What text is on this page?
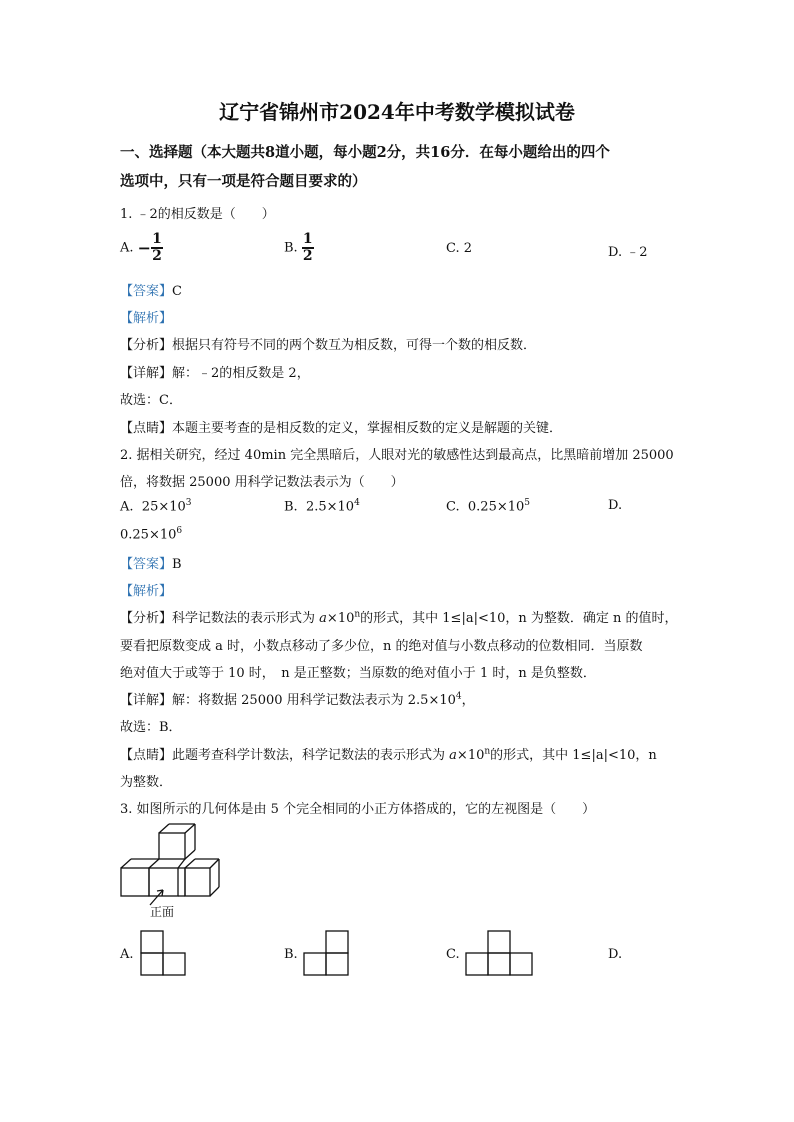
辽宁省锦州市2024年中考数学模拟试卷
一、选择题（本大题共8道小题，每小题2分，共16分．在每小题给出的四个
选项中，只有一项是符合题目要求的）
1. ﹣2的相反数是（　　）
A. − $\frac{1}{2}$	B. $\frac{1}{2}$	C. 2	D. ﹣2
【答案】C
【解析】
【分析】根据只有符号不同的两个数互为相反数，可得一个数的相反数．
【详解】解：﹣2的相反数是 2，
故选：C．
【点睛】本题主要考查的是相反数的定义，掌握相反数的定义是解题的关键．
2. 据相关研究，经过 40min 完全黑暗后，人眼对光的敏感性达到最高点，比黑暗前增加 25000
倍，将数据 25000 用科学记数法表示为（　　）
A. $25\times 10^3$	B. $2.5\times 10^4$	C. $0.25\times 10^5$	D.
$0.25\times 10^6$
【答案】B
【解析】
【分析】科学记数法的表示形式为 $a\times 10^n$的形式，其中 1≤|a|<10，n 为整数．确定 n 的值时，
要看把原数变成 a 时，小数点移动了多少位，n 的绝对值与小数点移动的位数相同．当原数
绝对值大于或等于 10 时，　n 是正整数；当原数的绝对值小于 1 时，n 是负整数．
【详解】解：将数据 25000 用科学记数法表示为 $2.5\times 10^4$，
故选：B．
【点睛】此题考查科学计数法，科学记数法的表示形式为 $a\times 10^n$的形式，其中 1≤|a|<10，n
为整数．
3. 如图所示的几何体是由 5 个完全相同的小正方体搭成的，它的左视图是（　　）
正面
A.	B.	C.	D.
